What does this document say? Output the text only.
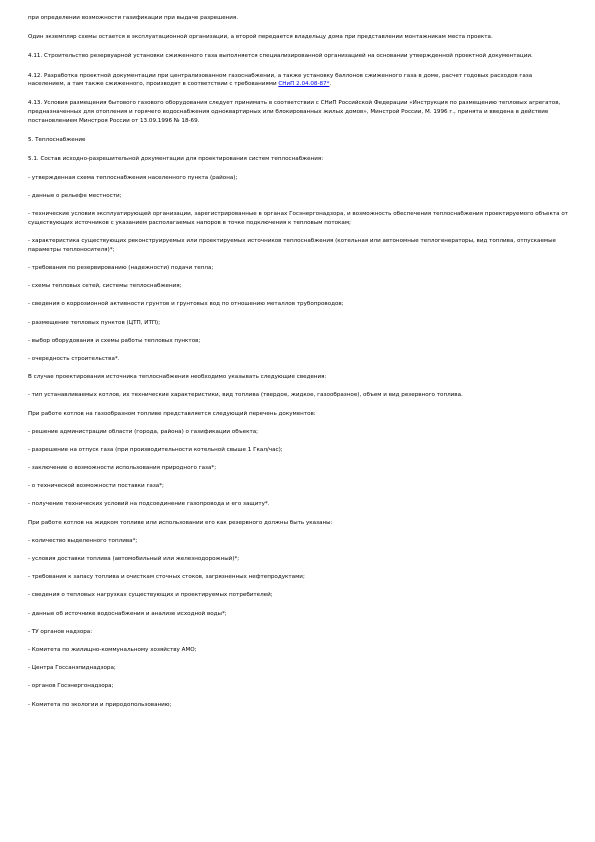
при определении возможности газификации при выдаче разрешения.

Один экземпляр схемы остается в эксплуатационной организации, а второй передается владельцу дома при представлении монтажникам места проекта.

4.11. Строительство резервуарной установки сжиженного газа выполняется специализированной организацией на основании утвержденной проектной документации.

4.12. Разработка проектной документации при централизованном газоснабжении, а также установку баллонов сжиженного газа в доме, расчет годовых расходов газа населением, а там также сжиженного, производят в соответствии с требованиями СНиП 2.04.08-87*.

4.13. Условия размещения бытового газового оборудования следует принимать в соответствии с СНиП Российской Федерации «Инструкция по размещению тепловых агрегатов, предназначенных для отопления и горячего водоснабжения одноквартирных или блокированных жилых домов», Минстрой России, М. 1996 г., принята и введена в действие постановлением Минстроя России от 13.09.1996 № 18-69.

5. Теплоснабжение

5.1. Состав исходно-разрешительной документации для проектирования систем теплоснабжения:

- утвержденная схема теплоснабжения населенного пункта (района);

- данные о рельефе местности;

- технические условия эксплуатирующей организации, зарегистрированные в органах Госэнергонадзора, и возможность обеспечения теплоснабжения проектируемого объекта от существующих источников с указанием располагаемых напоров в точке подключения к тепловым потокам;

- характеристика существующих реконструируемых или проектируемых источников теплоснабжения (котельная или автономные теплогенераторы, вид топлива, отпускаемые параметры теплоносителя)*;

- требования по резервированию (надежности) подачи тепла;

- схемы тепловых сетей, системы теплоснабжения;

- сведения о коррозионной активности грунтов и грунтовых вод по отношению металлов трубопроводов;

- размещение тепловых пунктов (ЦТП, ИТП);

- выбор оборудования и схемы работы тепловых пунктов;

- очередность строительства*.

В случае проектирования источника теплоснабжения необходимо указывать следующие сведения:

- тип устанавливаемых котлов, их технические характеристики, вид топлива (твердое, жидкое, газообразное), объем и вид резервного топлива.

При работе котлов на газообразном топливе представляется следующий перечень документов:

- решение администрации области (города, района) о газификации объекта;

- разрешение на отпуск газа (при производительности котельной свыше 1 Гкал/час);

- заключение о возможности использования природного газа*;

- о технической возможности поставки газа*;

- получение технических условий на подсоединение газопровода и его защиту*.

При работе котлов на жидком топливе или использовании его как резервного должны быть указаны:

- количество выделенного топлива*;

- условия доставки топлива (автомобильный или железнодорожный)*;

- требования к запасу топлива и очисткам сточных стоков, загрязненных нефтепродуктами;

- сведения о тепловых нагрузках существующих и проектируемых потребителей;

- данные об источнике водоснабжения и анализе исходной воды*;

- ТУ органов надзора:

- Комитета по жилищно-коммунальному хозяйству АМО;

- Центра Госсанэпиднадзора;

- органов Госэнергонадзора;

- Комитета по экологии и природопользованию;
